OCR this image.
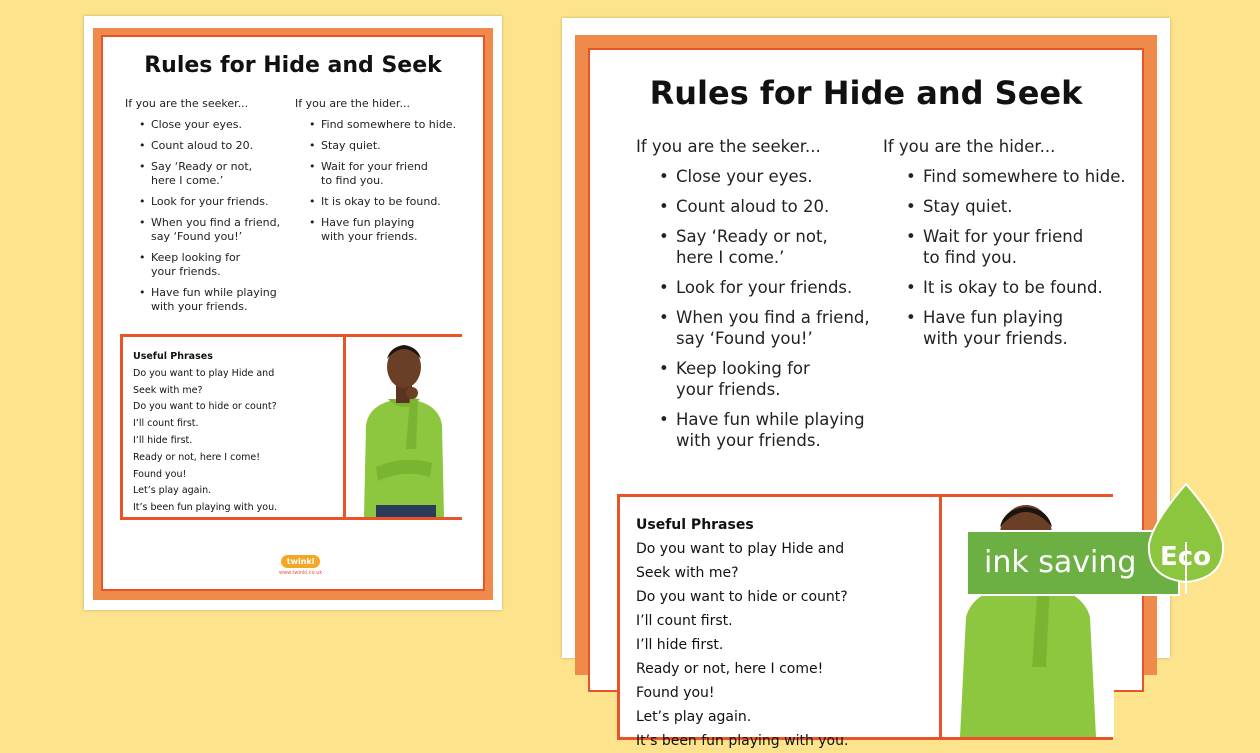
Rules for Hide and Seek
If you are the seeker...
• Close your eyes.
• Count aloud to 20.
• Say ‘Ready or not,
here I come.’
• Look for your friends.
• When you find a friend,
say ‘Found you!’
• Keep looking for
your friends.
• Have fun while playing
with your friends.
If you are the hider...
• Find somewhere to hide.
• Stay quiet.
• Wait for your friend
to find you.
• It is okay to be found.
• Have fun playing
with your friends.
Useful Phrases
Do you want to play Hide and
Seek with me?
Do you want to hide or count?
I’ll count first.
I’ll hide first.
Ready or not, here I come!
Found you!
Let’s play again.
It’s been fun playing with you.
twinkl
www.twinkl.co.uk
Rules for Hide and Seek
If you are the seeker...
• Close your eyes.
• Count aloud to 20.
• Say ‘Ready or not,
here I come.’
• Look for your friends.
• When you find a friend,
say ‘Found you!’
• Keep looking for
your friends.
• Have fun while playing
with your friends.
If you are the hider...
• Find somewhere to hide.
• Stay quiet.
• Wait for your friend
to find you.
• It is okay to be found.
• Have fun playing
with your friends.
Useful Phrases
Do you want to play Hide and
Seek with me?
Do you want to hide or count?
I’ll count first.
I’ll hide first.
Ready or not, here I come!
Found you!
Let’s play again.
It’s been fun playing with you.
ink saving Eco
